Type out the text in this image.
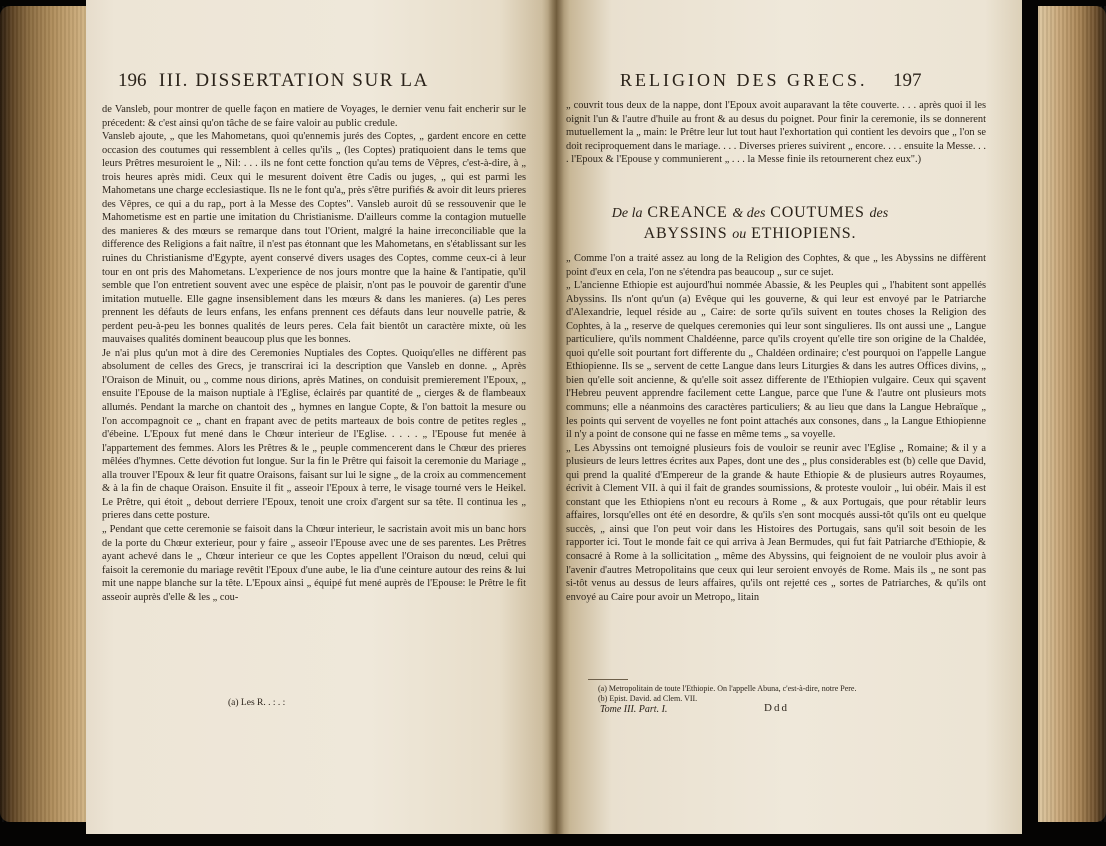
196 III. DISSERTATION SUR LA	RELIGION DES GRECS. 197

de Vansleb, pour montrer de quelle façon en matiere de Voyages, le dernier venu fait encherir sur le précedent: & c'est ainsi qu'on tâche de se faire valoir au public credule.

Vansleb ajoute, „ que les Mahometans, quoi qu'ennemis jurés des Coptes, „ gardent encore en cette occasion des coutumes qui ressemblent à celles qu'ils „ (les Coptes) pratiquoient dans le tems que leurs Prêtres mesuroient le „ Nil: . . . ils ne font cette fonction qu'au tems de Vêpres, c'est-à-dire, à „ trois heures après midi. Ceux qui le mesurent doivent être Cadis ou juges, „ qui est parmi les Mahometans une charge ecclesiastique. Ils ne le font qu'a„ près s'être purifiés & avoir dit leurs prieres des Vêpres, ce qui a du rap„ port à la Messe des Coptes". Vansleb auroit dû se ressouvenir que le Mahometisme est en partie une imitation du Christianisme. D'ailleurs comme la contagion mutuelle des manieres & des mœurs se remarque dans tout l'Orient, malgré la haine irreconciliable que la difference des Religions a fait naître, il n'est pas étonnant que les Mahometans, en s'établissant sur les ruines du Christianisme d'Egypte, ayent conservé divers usages des Coptes, comme ceux-ci à leur tour en ont pris des Mahometans. L'experience de nos jours montre que la haine & l'antipatie, qu'il semble que l'on entretient souvent avec une espèce de plaisir, n'ont pas le pouvoir de garentir d'une imitation mutuelle. Elle gagne insensiblement dans les mœurs & dans les manieres. (a) Les peres prennent les défauts de leurs enfans, les enfans prennent ces défauts dans leur nouvelle patrie, & perdent peu-à-peu les bonnes qualités de leurs peres. Cela fait bientôt un caractère mixte, où les mauvaises qualités dominent beaucoup plus que les bonnes.

Je n'ai plus qu'un mot à dire des Ceremonies Nuptiales des Coptes. Quoiqu'elles ne diffèrent pas absolument de celles des Grecs, je transcrirai ici la description que Vansleb en donne. „ Après l'Oraison de Minuit, ou „ comme nous dirions, après Matines, on conduisit premierement l'Epoux, „ ensuite l'Epouse de la maison nuptiale à l'Eglise, éclairés par quantité de „ cierges & de flambeaux allumés. Pendant la marche on chantoit des „ hymnes en langue Copte, & l'on battoit la mesure ou l'on accompagnoit ce „ chant en frapant avec de petits marteaux de bois contre de petites regles „ d'ébeine. L'Epoux fut mené dans le Chœur interieur de l'Eglise. . . . . „ l'Epouse fut menée à l'appartement des femmes. Alors les Prêtres & le „ peuple commencerent dans le Chœur des prieres mêlées d'hymnes. Cette dévotion fut longue. Sur la fin le Prêtre qui faisoit la ceremonie du Mariage „ alla trouver l'Epoux & leur fit quatre Oraisons, faisant sur lui le signe „ de la croix au commencement & à la fin de chaque Oraison. Ensuite il fit „ asseoir l'Epoux à terre, le visage tourné vers le Heikel. Le Prêtre, qui étoit „ debout derriere l'Epoux, tenoit une croix d'argent sur sa tête. Il continua les „ prieres dans cette posture.

„ Pendant que cette ceremonie se faisoit dans la Chœur interieur, le sacristain avoit mis un banc hors de la porte du Chœur exterieur, pour y faire „ asseoir l'Epouse avec une de ses parentes. Les Prêtres ayant achevé dans le „ Chœur interieur ce que les Coptes appellent l'Oraison du nœud, celui qui faisoit la ceremonie du mariage revêtit l'Epoux d'une aube, le lia d'une ceinture autour des reins & lui mit une nappe blanche sur la tête. L'Epoux ainsi „ équipé fut mené auprès de l'Epouse: le Prêtre le fit asseoir auprès d'elle & les „ cou-

(a) Les R. . : . :

„ couvrit tous deux de la nappe, dont l'Epoux avoit auparavant la tête couverte. . . . après quoi il les oignit l'un & l'autre d'huile au front & au desus du poignet. Pour finir la ceremonie, ils se donnerent mutuellement la „ main: le Prêtre leur lut tout haut l'exhortation qui contient les devoirs que „ l'on se doit reciproquement dans le mariage. . . . Diverses prieres suivirent „ encore. . . . ensuite la Messe. . . . l'Epoux & l'Epouse y communierent „ . . . la Messe finie ils retournerent chez eux".)

De la CREANCE & des COUTUMES des
ABYSSINS ou ETHIOPIENS.

„ Comme l'on a traité assez au long de la Religion des Cophtes, & que „ les Abyssins ne diffèrent point d'eux en cela, l'on ne s'étendra pas beaucoup „ sur ce sujet.

„ L'ancienne Ethiopie est aujourd'hui nommée Abassie, & les Peuples qui „ l'habitent sont appellés Abyssins. Ils n'ont qu'un (a) Evêque qui les gouverne, & qui leur est envoyé par le Patriarche d'Alexandrie, lequel réside au „ Caire: de sorte qu'ils suivent en toutes choses la Religion des Cophtes, à la „ reserve de quelques ceremonies qui leur sont singulieres. Ils ont aussi une „ Langue particuliere, qu'ils nomment Chaldéenne, parce qu'ils croyent qu'elle tire son origine de la Chaldée, quoi qu'elle soit pourtant fort differente du „ Chaldéen ordinaire; c'est pourquoi on l'appelle Langue Ethiopienne. Ils se „ servent de cette Langue dans leurs Liturgies & dans les autres Offices divins, „ bien qu'elle soit ancienne, & qu'elle soit assez differente de l'Ethiopien vulgaire. Ceux qui sçavent l'Hebreu peuvent apprendre facilement cette Langue, parce que l'une & l'autre ont plusieurs mots communs; elle a néanmoins des caractères particuliers; & au lieu que dans la Langue Hebraïque „ les points qui servent de voyelles ne font point attachés aux consones, dans „ la Langue Ethiopienne il n'y a point de consone qui ne fasse en même tems „ sa voyelle.

„ Les Abyssins ont temoigné plusieurs fois de vouloir se reunir avec l'Eglise „ Romaine; & il y a plusieurs de leurs lettres écrites aux Papes, dont une des „ plus considerables est (b) celle que David, qui prend la qualité d'Empereur de la grande & haute Ethiopie & de plusieurs autres Royaumes, écrivit à Clement VII. à qui il fait de grandes soumissions, & proteste vouloir „ lui obéir. Mais il est constant que les Ethiopiens n'ont eu recours à Rome „ & aux Portugais, que pour rétablir leurs affaires, lorsqu'elles ont été en desordre, & qu'ils s'en sont mocqués aussi-tôt qu'ils ont eu quelque succès, „ ainsi que l'on peut voir dans les Histoires des Portugais, sans qu'il soit besoin de les rapporter ici. Tout le monde fait ce qui arriva à Jean Bermudes, qui fut fait Patriarche d'Ethiopie, & consacré à Rome à la sollicitation „ même des Abyssins, qui feignoient de ne vouloir plus avoir à l'avenir d'autres Metropolitains que ceux qui leur seroient envoyés de Rome. Mais ils „ ne sont pas si-tôt venus au dessus de leurs affaires, qu'ils ont rejetté ces „ sortes de Patriarches, & qu'ils ont envoyé au Caire pour avoir un Metropo„ litain

(a) Metropolitain de toute l'Ethiopie. On l'appelle Abuna, c'est-à-dire, notre Pere.

(b) Epist. David. ad Clem. VII.

Tome III. Part. I.	Ddd
